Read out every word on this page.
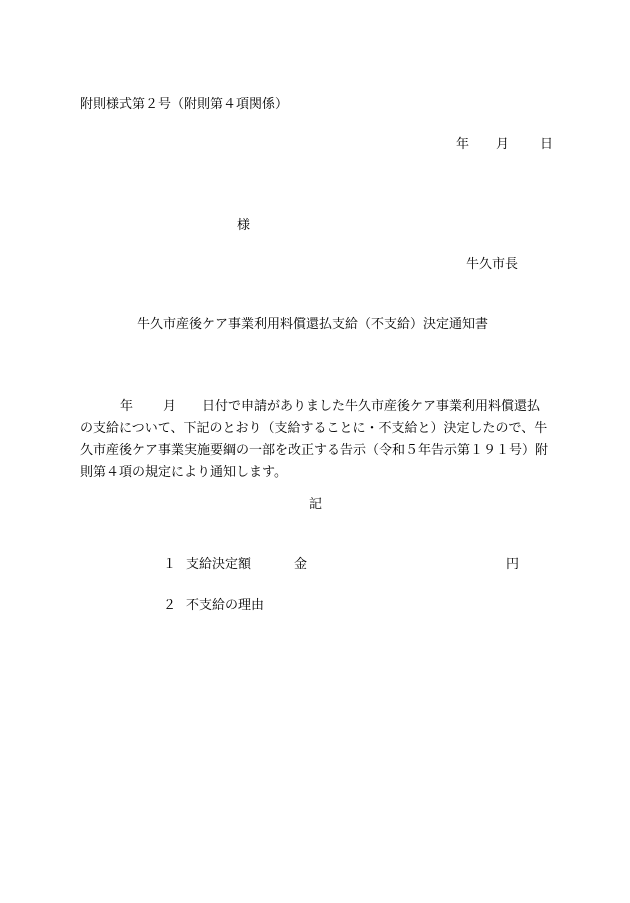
附則様式第２号（附則第４項関係）
年 月 日
様
牛久市長
牛久市産後ケア事業利用料償還払支給（不支給）決定通知書
年 月 日付で申請がありました牛久市産後ケア事業利用料償還払
の支給について、下記のとおり（支給することに・不支給と）決定したので、牛
久市産後ケア事業実施要綱の一部を改正する告示（令和５年告示第１９１号）附
則第４項の規定により通知します。
記
１ 支給決定額	金	円
２ 不支給の理由
